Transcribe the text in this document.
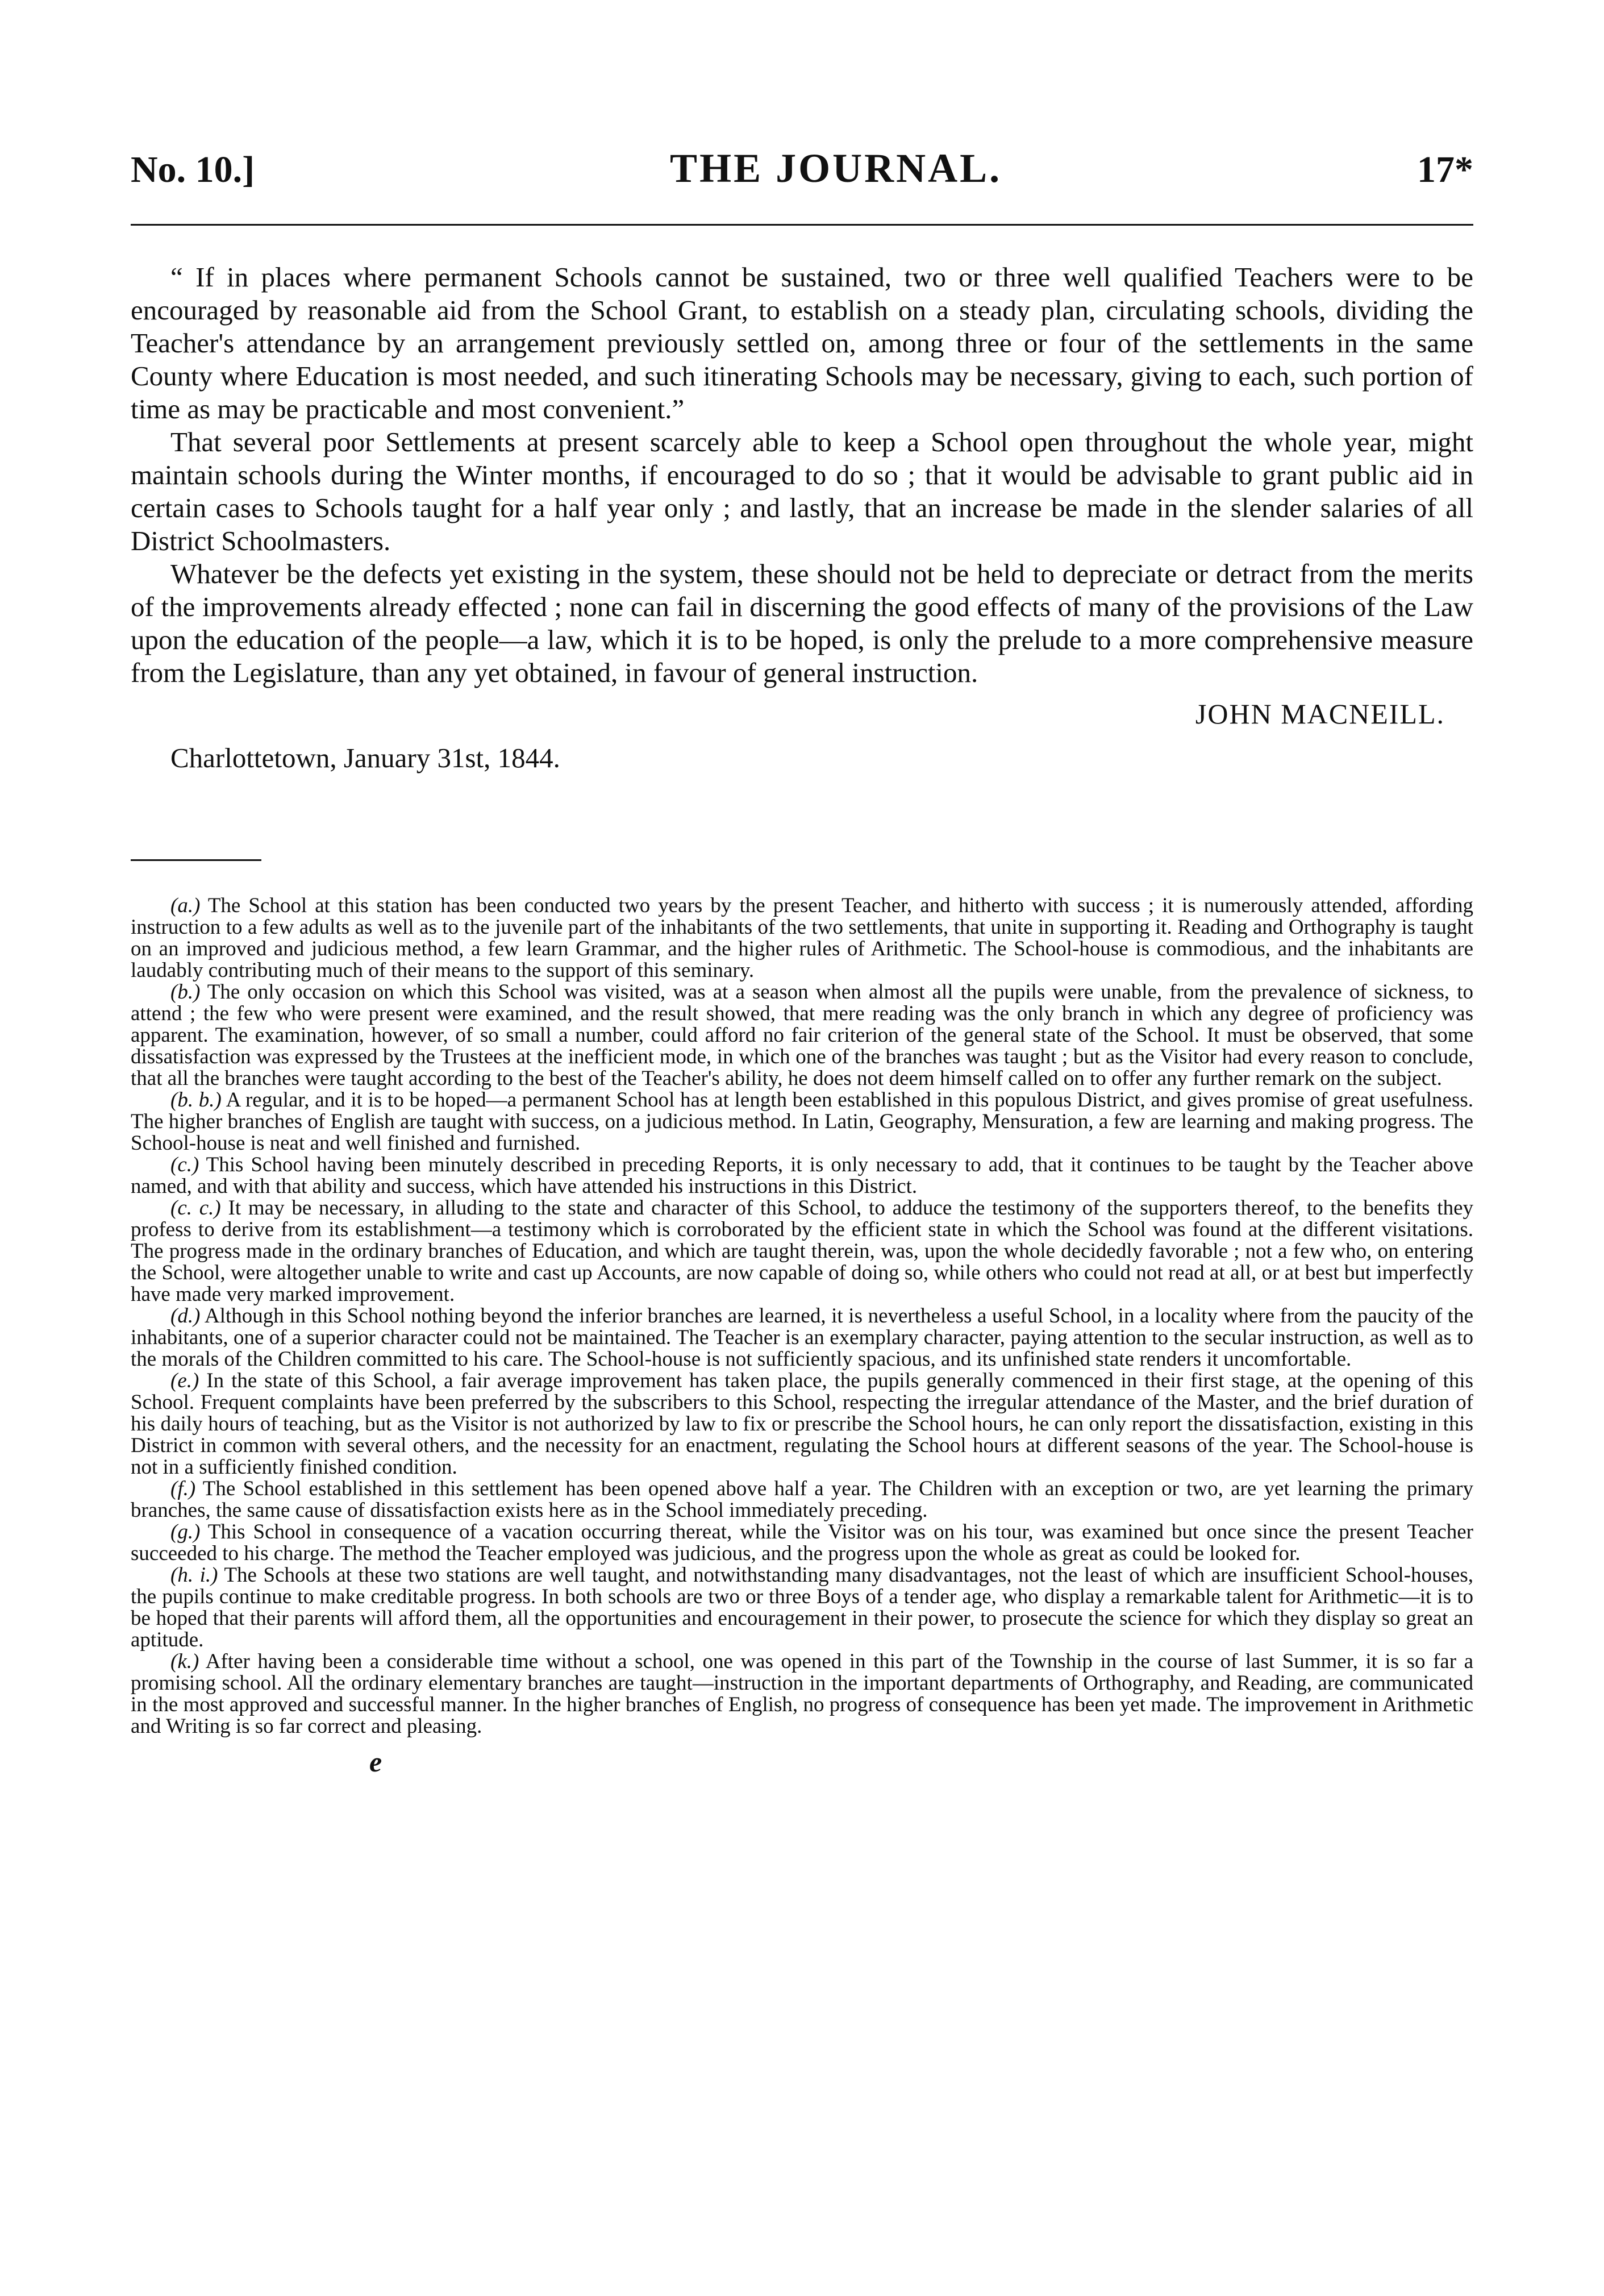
No. 10.]	THE JOURNAL.	17*

“ If in places where permanent Schools cannot be sustained, two or three well qualified Teachers were to be encouraged by reasonable aid from the School Grant, to establish on a steady plan, circulating schools, dividing the Teacher's attendance by an arrangement previously settled on, among three or four of the settlements in the same County where Education is most needed, and such itinerating Schools may be necessary, giving to each, such portion of time as may be practicable and most convenient.”

That several poor Settlements at present scarcely able to keep a School open throughout the whole year, might maintain schools during the Winter months, if encouraged to do so ; that it would be advisable to grant public aid in certain cases to Schools taught for a half year only ; and lastly, that an increase be made in the slender salaries of all District Schoolmasters.

Whatever be the defects yet existing in the system, these should not be held to depreciate or detract from the merits of the improvements already effected ; none can fail in discerning the good effects of many of the provisions of the Law upon the education of the people—a law, which it is to be hoped, is only the prelude to a more comprehensive measure from the Legislature, than any yet obtained, in favour of general instruction.

JOHN MACNEILL.
Charlottetown, January 31st, 1844.

(a.) The School at this station has been conducted two years by the present Teacher, and hitherto with success ; it is numerously attended, affording instruction to a few adults as well as to the juvenile part of the inhabitants of the two settlements, that unite in supporting it. Reading and Orthography is taught on an improved and judicious method, a few learn Grammar, and the higher rules of Arithmetic. The School-house is commodious, and the inhabitants are laudably contributing much of their means to the support of this seminary.

(b.) The only occasion on which this School was visited, was at a season when almost all the pupils were unable, from the prevalence of sickness, to attend ; the few who were present were examined, and the result showed, that mere reading was the only branch in which any degree of proficiency was apparent. The examination, however, of so small a number, could afford no fair criterion of the general state of the School. It must be observed, that some dissatisfaction was expressed by the Trustees at the inefficient mode, in which one of the branches was taught ; but as the Visitor had every reason to conclude, that all the branches were taught according to the best of the Teacher's ability, he does not deem himself called on to offer any further remark on the subject.

(b. b.) A regular, and it is to be hoped—a permanent School has at length been established in this populous District, and gives promise of great usefulness. The higher branches of English are taught with success, on a judicious method. In Latin, Geography, Mensuration, a few are learning and making progress. The School-house is neat and well finished and furnished.

(c.) This School having been minutely described in preceding Reports, it is only necessary to add, that it continues to be taught by the Teacher above named, and with that ability and success, which have attended his instructions in this District.

(c. c.) It may be necessary, in alluding to the state and character of this School, to adduce the testimony of the supporters thereof, to the benefits they profess to derive from its establishment—a testimony which is corroborated by the efficient state in which the School was found at the different visitations. The progress made in the ordinary branches of Education, and which are taught therein, was, upon the whole decidedly favorable ; not a few who, on entering the School, were altogether unable to write and cast up Accounts, are now capable of doing so, while others who could not read at all, or at best but imperfectly have made very marked improvement.

(d.) Although in this School nothing beyond the inferior branches are learned, it is nevertheless a useful School, in a locality where from the paucity of the inhabitants, one of a superior character could not be maintained. The Teacher is an exemplary character, paying attention to the secular instruction, as well as to the morals of the Children committed to his care. The School-house is not sufficiently spacious, and its unfinished state renders it uncomfortable.

(e.) In the state of this School, a fair average improvement has taken place, the pupils generally commenced in their first stage, at the opening of this School. Frequent complaints have been preferred by the subscribers to this School, respecting the irregular attendance of the Master, and the brief duration of his daily hours of teaching, but as the Visitor is not authorized by law to fix or prescribe the School hours, he can only report the dissatisfaction, existing in this District in common with several others, and the necessity for an enactment, regulating the School hours at different seasons of the year. The School-house is not in a sufficiently finished condition.

(f.) The School established in this settlement has been opened above half a year. The Children with an exception or two, are yet learning the primary branches, the same cause of dissatisfaction exists here as in the School immediately preceding.

(g.) This School in consequence of a vacation occurring thereat, while the Visitor was on his tour, was examined but once since the present Teacher succeeded to his charge. The method the Teacher employed was judicious, and the progress upon the whole as great as could be looked for.

(h. i.) The Schools at these two stations are well taught, and notwithstanding many disadvantages, not the least of which are insufficient School-houses, the pupils continue to make creditable progress. In both schools are two or three Boys of a tender age, who display a remarkable talent for Arithmetic—it is to be hoped that their parents will afford them, all the opportunities and encouragement in their power, to prosecute the science for which they display so great an aptitude.

(k.) After having been a considerable time without a school, one was opened in this part of the Township in the course of last Summer, it is so far a promising school. All the ordinary elementary branches are taught—instruction in the important departments of Orthography, and Reading, are communicated in the most approved and successful manner. In the higher branches of English, no progress of consequence has been yet made. The improvement in Arithmetic and Writing is so far correct and pleasing.

e
